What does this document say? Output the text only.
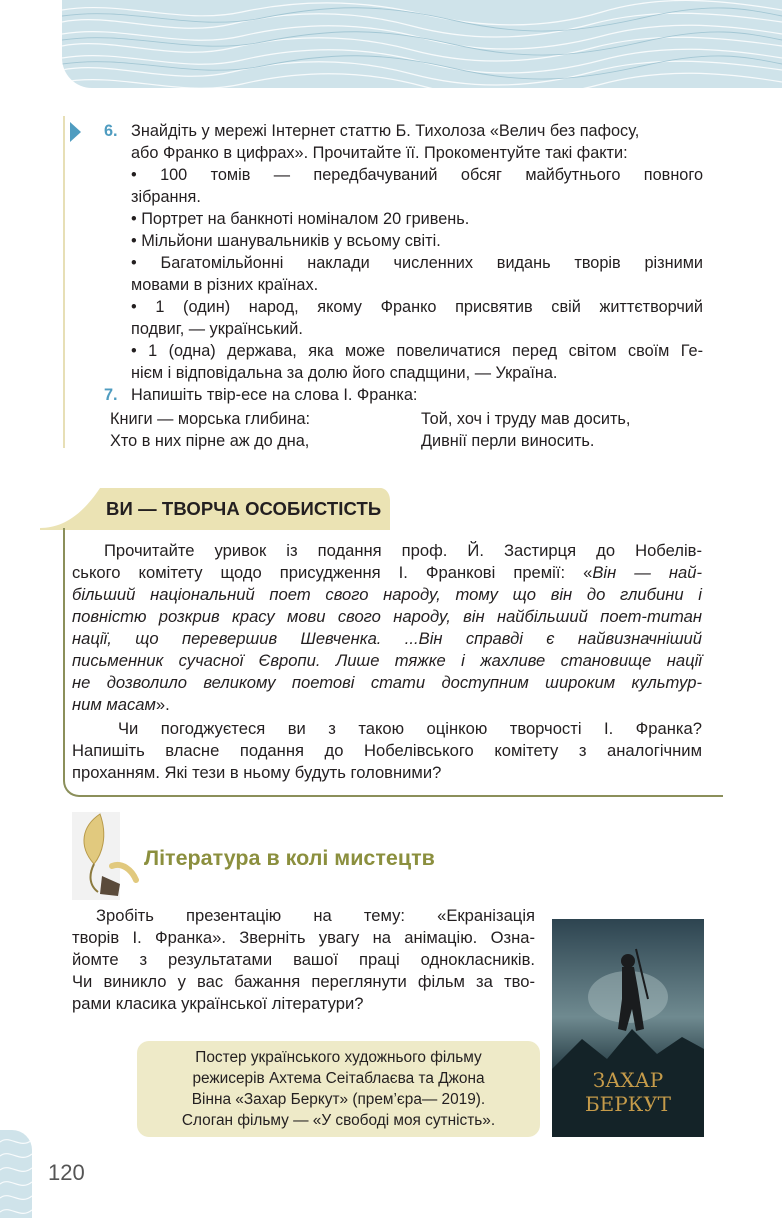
6. Знайдіть у мережі Інтернет статтю Б. Тихолоза «Велич без пафосу,
або Франко в цифрах». Прочитайте її. Прокоментуйте такі факти:
• 100 томів — передбачуваний обсяг майбутнього повного
зібрання.
• Портрет на банкноті номіналом 20 гривень.
• Мільйони шанувальників у всьому світі.
• Багатомільйонні наклади численних видань творів різними
мовами в різних країнах.
• 1 (один) народ, якому Франко присвятив свій життєтворчий
подвиг, — український.
• 1 (одна) держава, яка може повеличатися перед світом своїм Ге-
нієм і відповідальна за долю його спадщини, — Україна.
7. Напишіть твір-есе на слова І. Франка:
Книги — морська глибина:
Хто в них пірне аж до дна,
Той, хоч і труду мав досить,
Дивнії перли виносить.
ВИ — ТВОРЧА ОСОБИСТІСТЬ
Прочитайте уривок із подання проф. Й. Застирця до Нобелів-
ського комітету щодо присудження І. Франкові премії: «Він — най-
більший національний поет свого народу, тому що він до глибини і
повністю розкрив красу мови свого народу, він найбільший поет-титан
нації, що перевершив Шевченка. ...Він справді є найвизначніший
письменник сучасної Європи. Лише тяжке і жахливе становище нації
не дозволило великому поетові стати доступним широким культур-
ним масам».
Чи погоджуєтеся ви з такою оцінкою творчості І. Франка?
Напишіть власне подання до Нобелівського комітету з аналогічним
проханням. Які тези в ньому будуть головними?
Література в колі мистецтв
Зробіть презентацію на тему: «Екранізація
творів І. Франка». Зверніть увагу на анімацію. Озна-
йомте з результатами вашої праці однокласників.
Чи виникло у вас бажання переглянути фільм за тво-
рами класика української літератури?
ЗАХАР
БЕРКУТ
Постер українського художнього фільму
режисерів Ахтема Сеітаблаєва та Джона
Вінна «Захар Беркут» (прем’єра— 2019).
Слоган фільму — «У свободі моя сутність».
120
